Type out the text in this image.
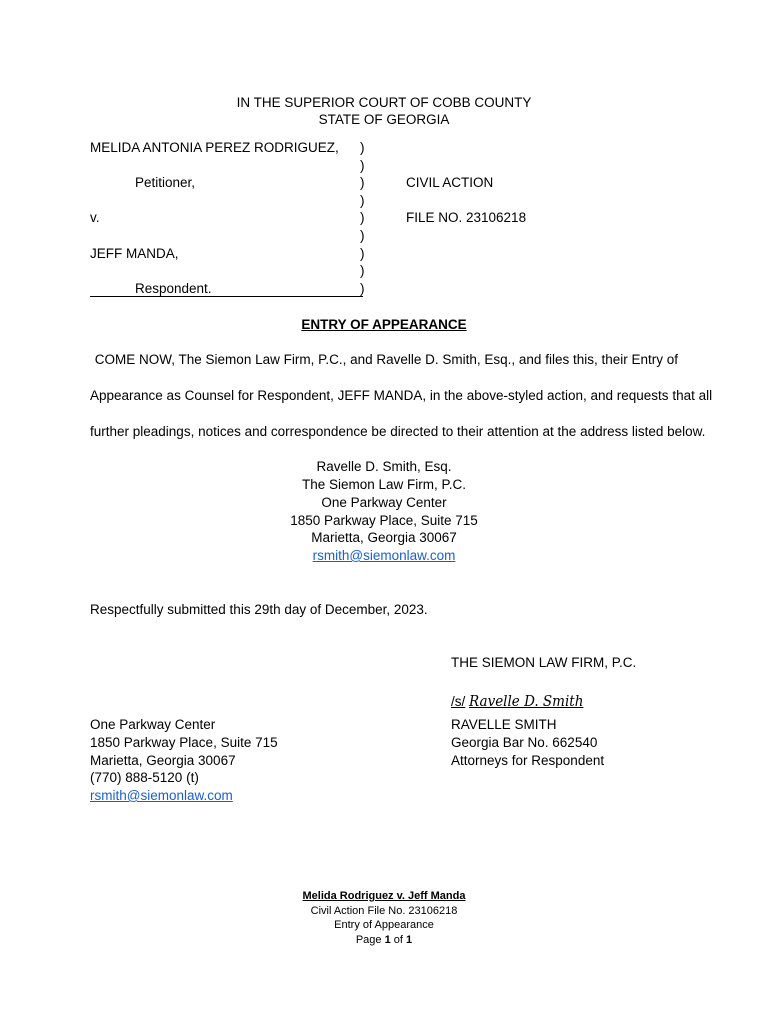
IN THE SUPERIOR COURT OF COBB COUNTY
STATE OF GEORGIA
MELIDA ANTONIA PEREZ RODRIGUEZ,
Petitioner,
v.
JEFF MANDA,
Respondent.
)
)
)
)
)
)
)
)
)
CIVIL ACTION
FILE NO. 23106218
ENTRY OF APPEARANCE
COME NOW, The Siemon Law Firm, P.C., and Ravelle D. Smith, Esq., and files this, their Entry of
Appearance as Counsel for Respondent, JEFF MANDA, in the above-styled action, and requests that all
further pleadings, notices and correspondence be directed to their attention at the address listed below.
Ravelle D. Smith, Esq.
The Siemon Law Firm, P.C.
One Parkway Center
1850 Parkway Place, Suite 715
Marietta, Georgia 30067
rsmith@siemonlaw.com
Respectfully submitted this 29th day of December, 2023.
THE SIEMON LAW FIRM, P.C.
/s/ Ravelle D. Smith
RAVELLE SMITH
Georgia Bar No. 662540
Attorneys for Respondent
One Parkway Center
1850 Parkway Place, Suite 715
Marietta, Georgia 30067
(770) 888-5120 (t)
rsmith@siemonlaw.com
Melida Rodriguez v. Jeff Manda
Civil Action File No. 23106218
Entry of Appearance
Page 1 of 1
